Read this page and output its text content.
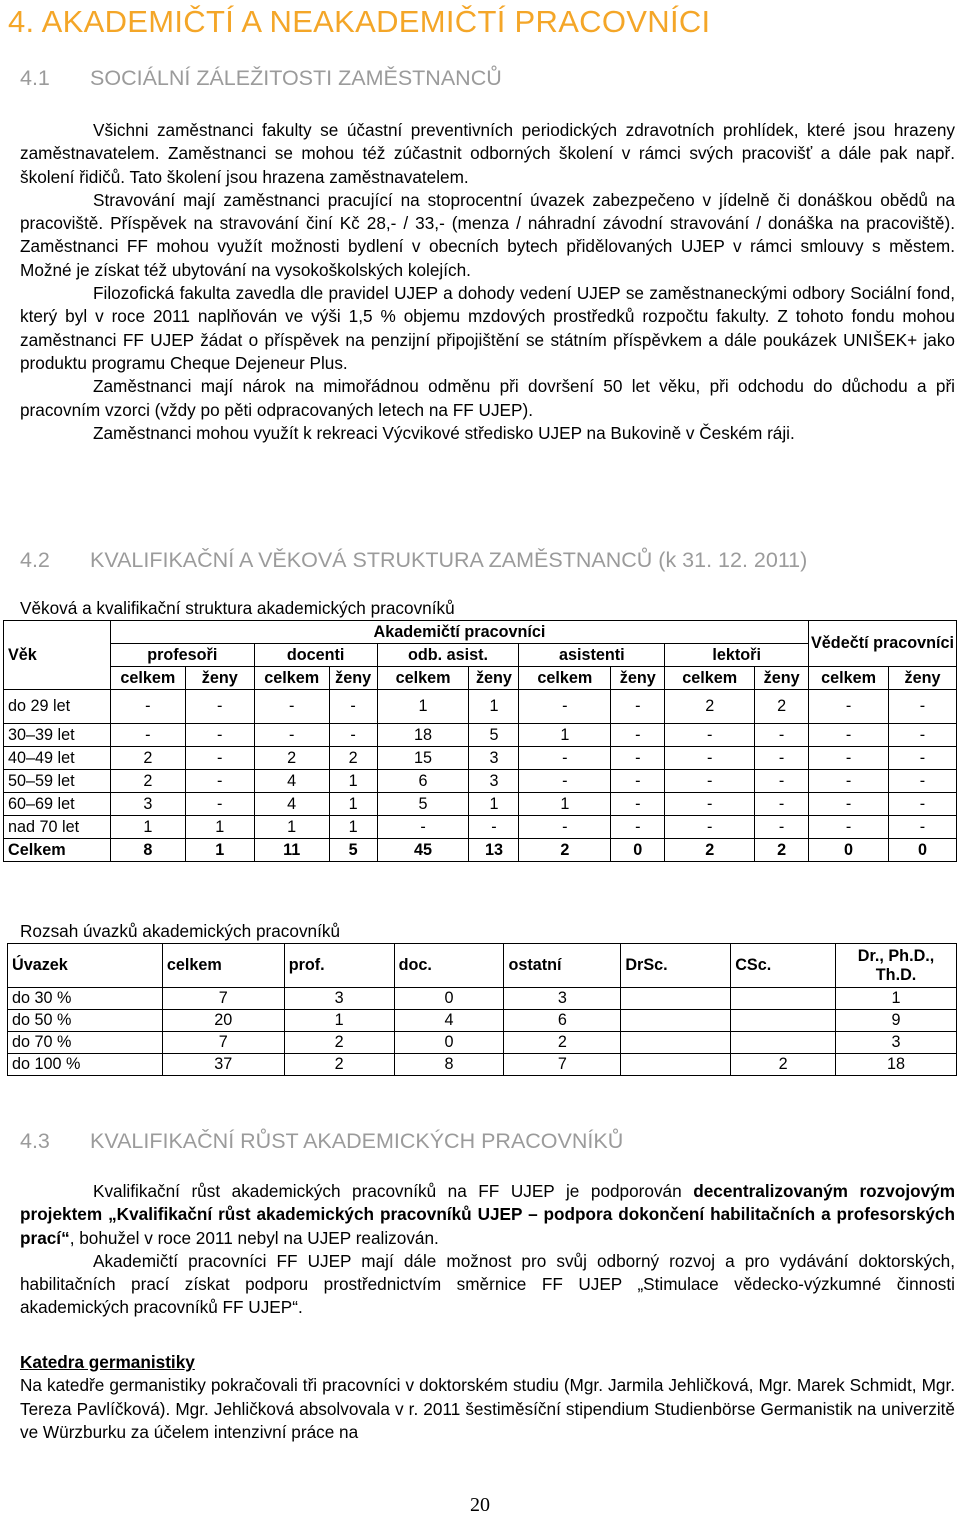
4. AKADEMIČTÍ A NEAKADEMIČTÍ PRACOVNÍCI
4.1 SOCIÁLNÍ ZÁLEŽITOSTI ZAMĚSTNANCŮ

Všichni zaměstnanci fakulty se účastní preventivních periodických zdravotních prohlídek, které jsou hrazeny zaměstnavatelem. Zaměstnanci se mohou též zúčastnit odborných školení v rámci svých pracovišť a dále pak např. školení řidičů. Tato školení jsou hrazena zaměstnavatelem.

Stravování mají zaměstnanci pracující na stoprocentní úvazek zabezpečeno v jídelně či donáškou obědů na pracoviště. Příspěvek na stravování činí Kč 28,- / 33,- (menza / náhradní závodní stravování / donáška na pracoviště). Zaměstnanci FF mohou využít možnosti bydlení v obecních bytech přidělovaných UJEP v rámci smlouvy s městem. Možné je získat též ubytování na vysokoškolských kolejích.

Filozofická fakulta zavedla dle pravidel UJEP a dohody vedení UJEP se zaměstnaneckými odbory Sociální fond, který byl v roce 2011 naplňován ve výši 1,5 % objemu mzdových prostředků rozpočtu fakulty. Z tohoto fondu mohou zaměstnanci FF UJEP žádat o příspěvek na penzijní připojištění se státním příspěvkem a dále poukázek UNIŠEK+ jako produktu programu Cheque Dejeneur Plus.

Zaměstnanci mají nárok na mimořádnou odměnu při dovršení 50 let věku, při odchodu do důchodu a při pracovním vzorci (vždy po pěti odpracovaných letech na FF UJEP).

Zaměstnanci mohou využít k rekreaci Výcvikové středisko UJEP na Bukovině v Českém ráji.

4.2 KVALIFIKAČNÍ A VĚKOVÁ STRUKTURA ZAMĚSTNANCŮ (k 31. 12. 2011)
Věková a kvalifikační struktura akademických pracovníků
Věk	Akademičtí pracovníci										Vědečtí pracovníci	
	profesoři		docenti		odb. asist.		asistenti		lektoři			
	celkem	ženy	celkem	ženy	celkem	ženy	celkem	ženy	celkem	ženy	celkem	ženy
do 29 let	-	-	-	-	1	1	-	-	2	2	-	-
30–39 let	-	-	-	-	18	5	1	-	-	-	-	-
40–49 let	2	-	2	2	15	3	-	-	-	-	-	-
50–59 let	2	-	4	1	6	3	-	-	-	-	-	-
60–69 let	3	-	4	1	5	1	1	-	-	-	-	-
nad 70 let	1	1	1	1	-	-	-	-	-	-	-	-
Celkem	8	1	11	5	45	13	2	0	2	2	0	0
Rozsah úvazků akademických pracovníků
Úvazek	celkem	prof.	doc.	ostatní	DrSc.	CSc.	Dr., Ph.D., Th.D.
do 30 %	7	3	0	3			1
do 50 %	20	1	4	6			9
do 70 %	7	2	0	2			3
do 100 %	37	2	8	7		2	18
4.3 KVALIFIKAČNÍ RŮST AKADEMICKÝCH PRACOVNÍKŮ

Kvalifikační růst akademických pracovníků na FF UJEP je podporován decentralizovaným rozvojovým projektem „Kvalifikační růst akademických pracovníků UJEP – podpora dokončení habilitačních a profesorských prací“, bohužel v roce 2011 nebyl na UJEP realizován.

Akademičtí pracovníci FF UJEP mají dále možnost pro svůj odborný rozvoj a pro vydávání doktorských, habilitačních prací získat podporu prostřednictvím směrnice FF UJEP „Stimulace vědecko-výzkumné činnosti akademických pracovníků FF UJEP“.

Katedra germanistiky

Na katedře germanistiky pokračovali tři pracovníci v doktorském studiu (Mgr. Jarmila Jehličková, Mgr. Marek Schmidt, Mgr. Tereza Pavlíčková). Mgr. Jehličková absolvovala v r. 2011 šestiměsíční stipendium Studienbörse Germanistik na univerzitě ve Würzburku za účelem intenzivní práce na

20
